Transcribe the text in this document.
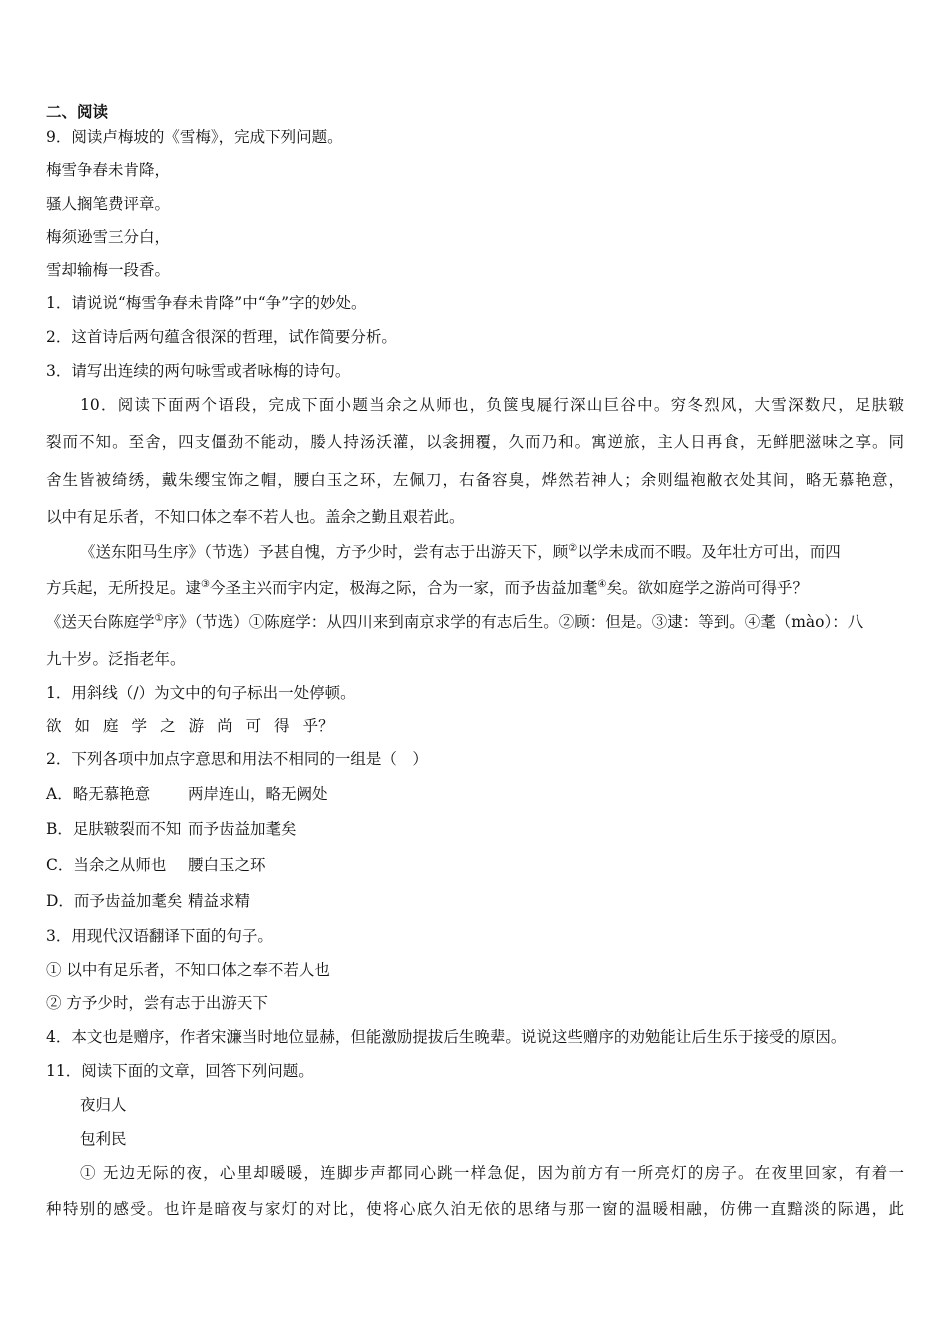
二、阅读
9．阅读卢梅坡的《雪梅》，完成下列问题。
梅雪争春未肯降，
骚人搁笔费评章。
梅须逊雪三分白，
雪却输梅一段香。
1．请说说“梅雪争春未肯降”中“争”字的妙处。
2．这首诗后两句蕴含很深的哲理，试作简要分析。
3．请写出连续的两句咏雪或者咏梅的诗句。
10．阅读下面两个语段，完成下面小题当余之从师也，负箧曳屣行深山巨谷中。穷冬烈风，大雪深数尺，足肤皲
裂而不知。至舍，四支僵劲不能动，媵人持汤沃灌，以衾拥覆，久而乃和。寓逆旅，主人日再食，无鲜肥滋味之享。同
舍生皆被绮绣，戴朱缨宝饰之帽，腰白玉之环，左佩刀，右备容臭，烨然若神人；余则缊袍敝衣处其间，略无慕艳意，
以中有足乐者，不知口体之奉不若人也。盖余之勤且艰若此。
《送东阳马生序》（节选）予甚自愧，方予少时，尝有志于出游天下，顾②以学未成而不暇。及年壮方可出，而四
方兵起，无所投足。逮③今圣主兴而宇内定，极海之际，合为一家，而予齿益加耄④矣。欲如庭学之游尚可得乎？
《送天台陈庭学①序》（节选）①陈庭学：从四川来到南京求学的有志后生。②顾：但是。③逮：等到。④耄（mào）：八
九十岁。泛指老年。
1．用斜线（/）为文中的句子标出一处停顿。
欲 如 庭 学 之 游 尚 可 得 乎？
2．下列各项中加点字意思和用法不相同的一组是（　）
A．略无慕艳意 两岸连山，略无阙处
B．足肤皲裂而不知 而予齿益加耄矣
C．当余之从师也 腰白玉之环
D．而予齿益加耄矣 精益求精
3．用现代汉语翻译下面的句子。
① 以中有足乐者，不知口体之奉不若人也
② 方予少时，尝有志于出游天下
4．本文也是赠序，作者宋濂当时地位显赫，但能激励提拔后生晚辈。说说这些赠序的劝勉能让后生乐于接受的原因。
11．阅读下面的文章，回答下列问题。
夜归人
包利民
① 无边无际的夜，心里却暖暖，连脚步声都同心跳一样急促，因为前方有一所亮灯的房子。在夜里回家，有着一
种特别的感受。也许是暗夜与家灯的对比，使将心底久泊无依的思绪与那一窗的温暖相融，仿佛一直黯淡的际遇，此
